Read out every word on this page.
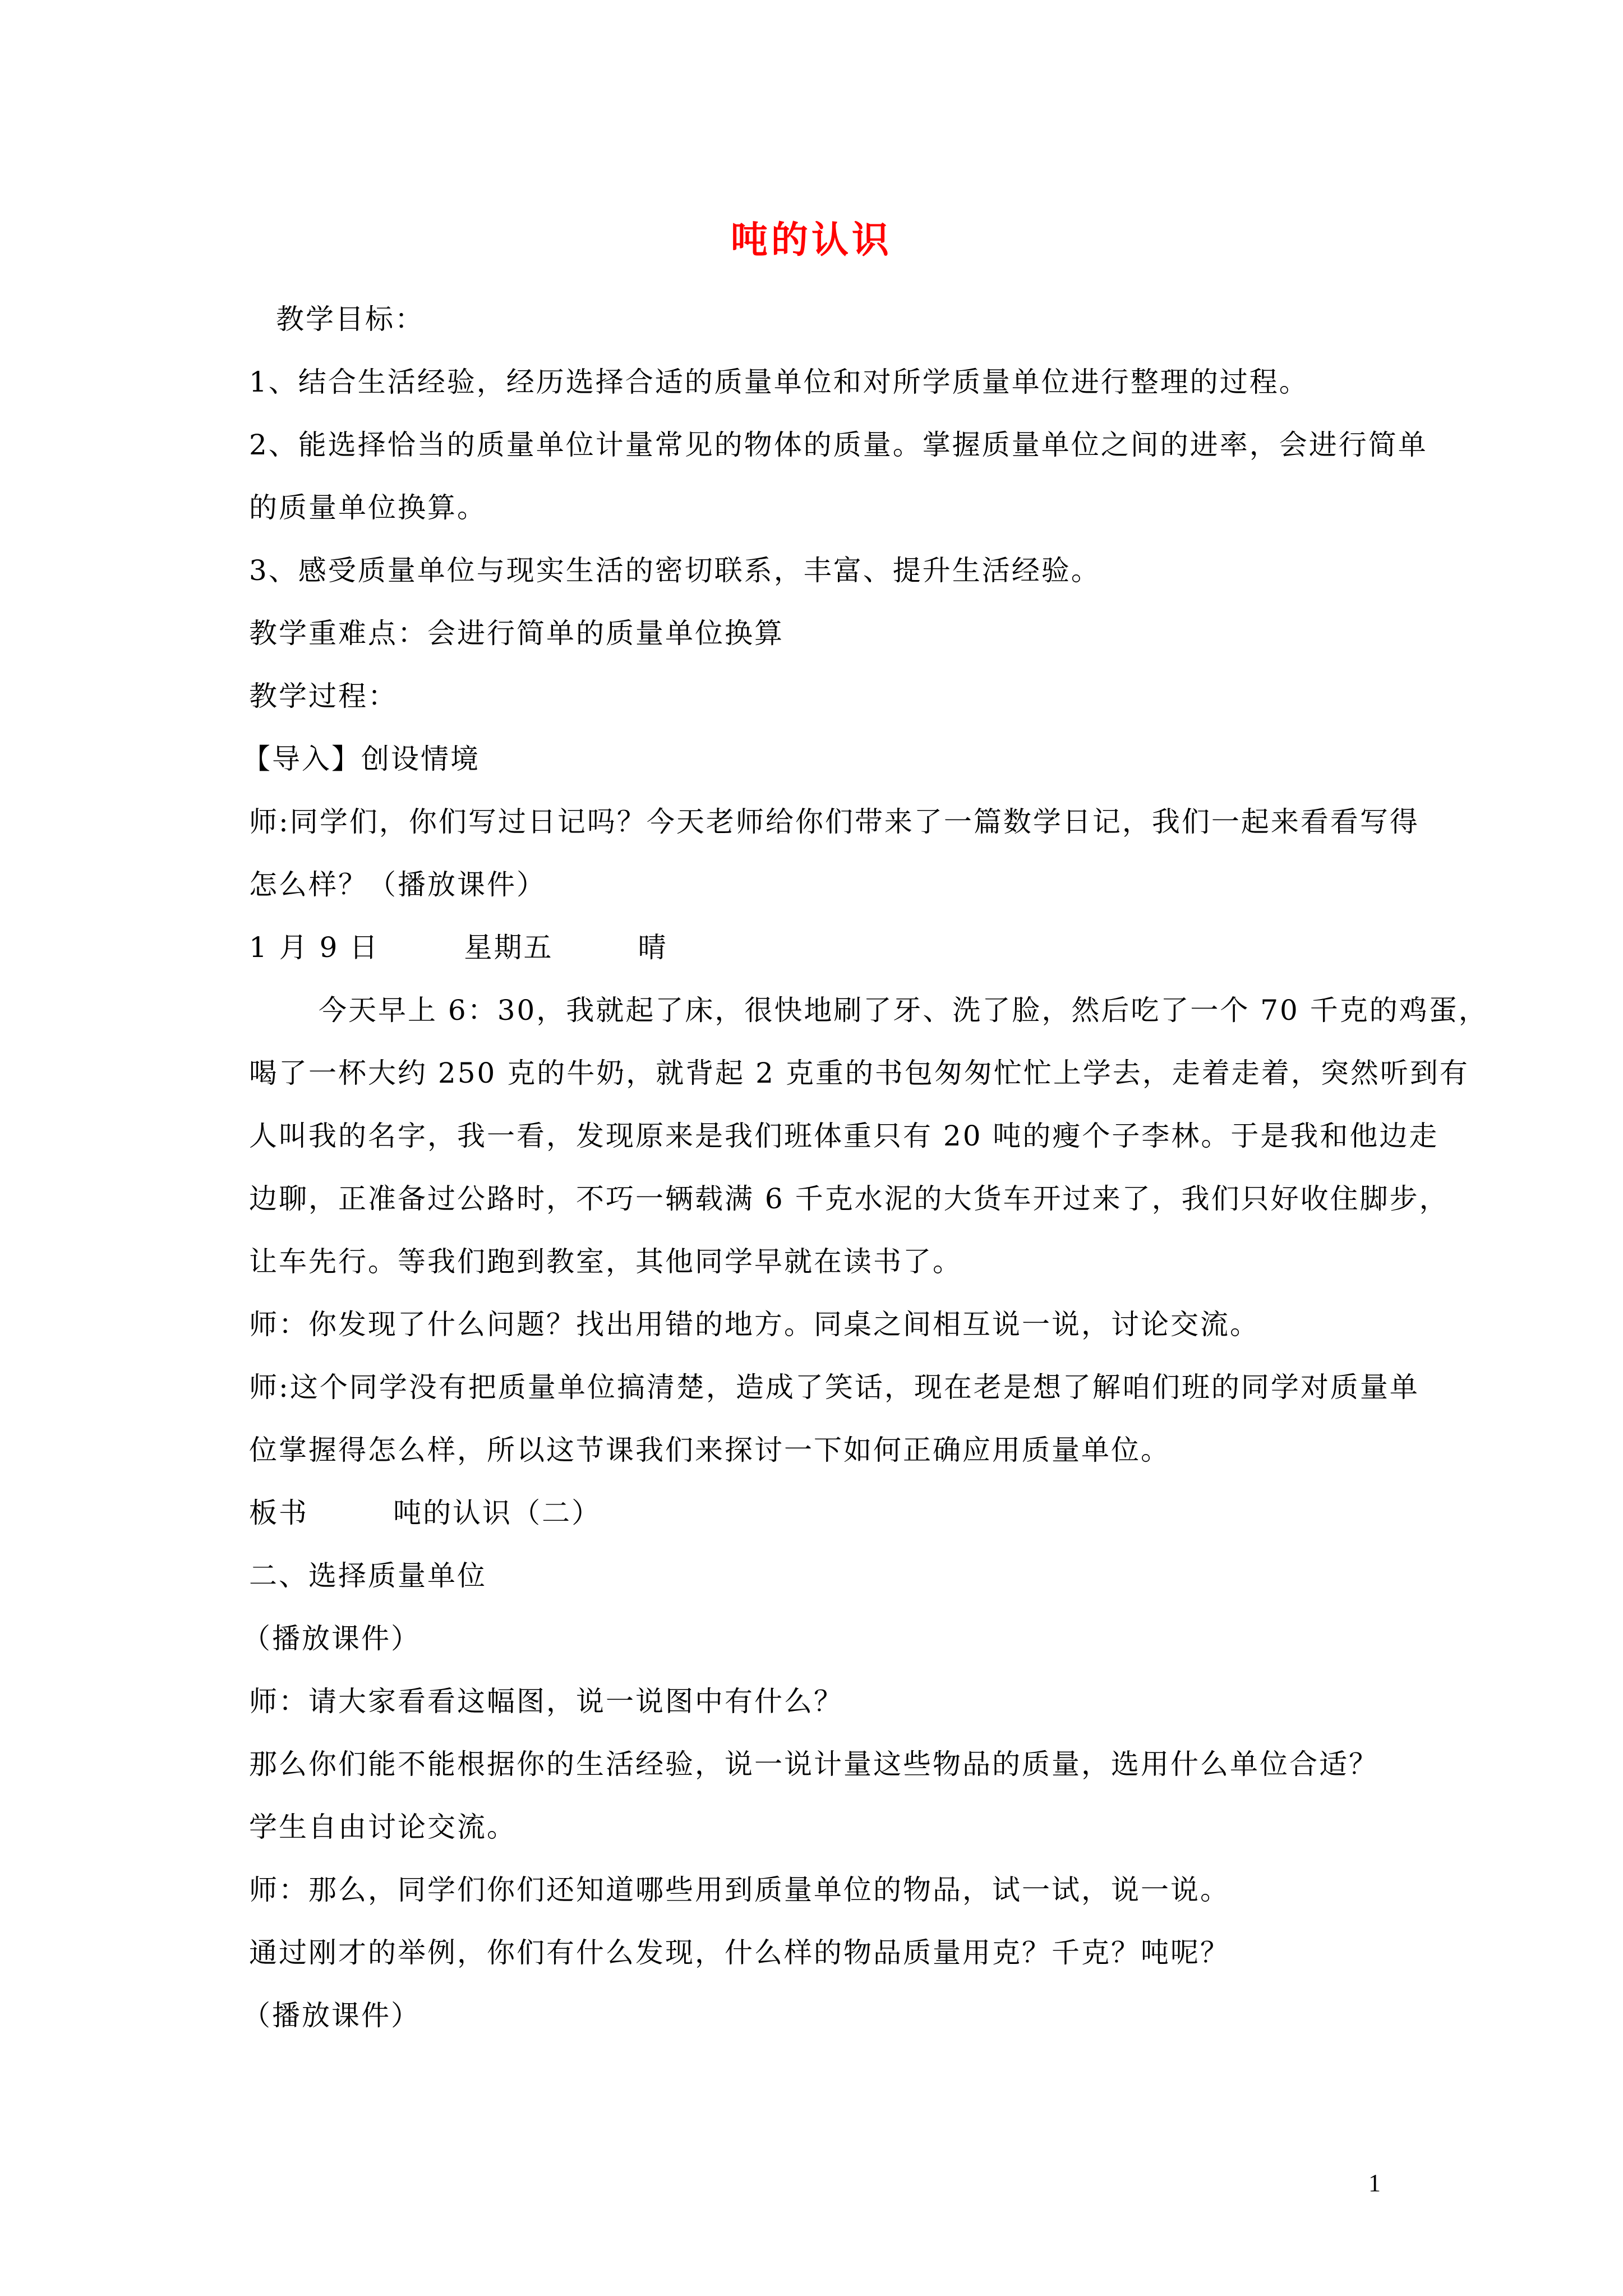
吨的认识
教学目标：
1、结合生活经验，经历选择合适的质量单位和对所学质量单位进行整理的过程。
2、能选择恰当的质量单位计量常见的物体的质量。掌握质量单位之间的进率，会进行简单
的质量单位换算。
3、感受质量单位与现实生活的密切联系，丰富、提升生活经验。
教学重难点：会进行简单的质量单位换算
教学过程：
【导入】创设情境
师:同学们，你们写过日记吗？今天老师给你们带来了一篇数学日记，我们一起来看看写得
怎么样？（播放课件）
1 月 9 日        星期五        晴
今天早上 6：30，我就起了床，很快地刷了牙、洗了脸，然后吃了一个 70 千克的鸡蛋，
喝了一杯大约 250 克的牛奶，就背起 2 克重的书包匆匆忙忙上学去，走着走着，突然听到有
人叫我的名字，我一看，发现原来是我们班体重只有 20 吨的瘦个子李林。于是我和他边走
边聊，正准备过公路时，不巧一辆载满 6 千克水泥的大货车开过来了，我们只好收住脚步，
让车先行。等我们跑到教室，其他同学早就在读书了。
师：你发现了什么问题？找出用错的地方。同桌之间相互说一说，讨论交流。
师:这个同学没有把质量单位搞清楚，造成了笑话，现在老是想了解咱们班的同学对质量单
位掌握得怎么样，所以这节课我们来探讨一下如何正确应用质量单位。
板书        吨的认识（二）
二、选择质量单位
（播放课件）
师：请大家看看这幅图，说一说图中有什么？
那么你们能不能根据你的生活经验，说一说计量这些物品的质量，选用什么单位合适？
学生自由讨论交流。
师：那么，同学们你们还知道哪些用到质量单位的物品，试一试，说一说。
通过刚才的举例，你们有什么发现，什么样的物品质量用克？千克？吨呢？
（播放课件）
1
